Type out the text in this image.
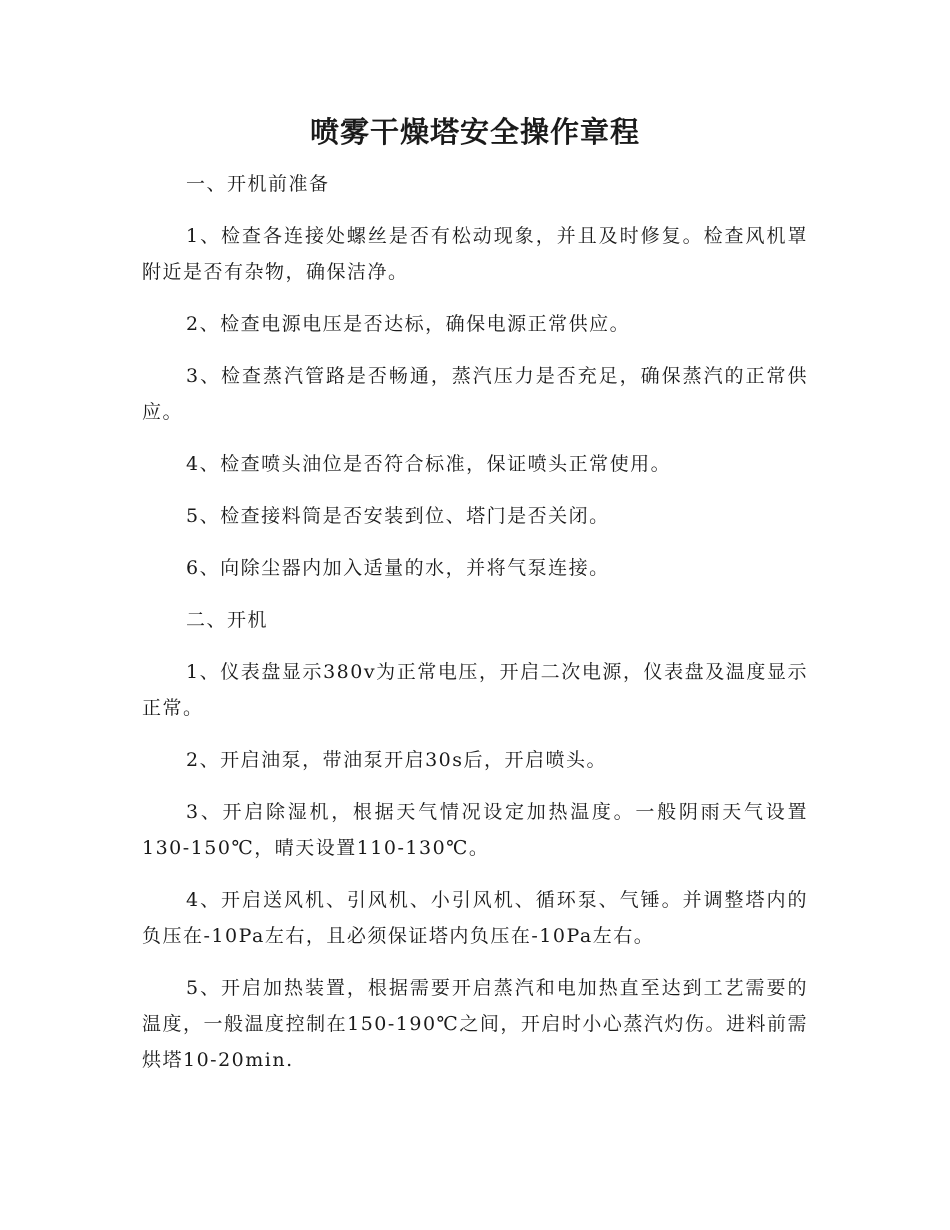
喷雾干燥塔安全操作章程

一、开机前准备

1、检查各连接处螺丝是否有松动现象，并且及时修复。检查风机罩附近是否有杂物，确保洁净。

2、检查电源电压是否达标，确保电源正常供应。

3、检查蒸汽管路是否畅通，蒸汽压力是否充足，确保蒸汽的正常供应。

4、检查喷头油位是否符合标准，保证喷头正常使用。

5、检查接料筒是否安装到位、塔门是否关闭。

6、向除尘器内加入适量的水，并将气泵连接。

二、开机

1、仪表盘显示380v为正常电压，开启二次电源，仪表盘及温度显示正常。

2、开启油泵，带油泵开启30s后，开启喷头。

3、开启除湿机，根据天气情况设定加热温度。一般阴雨天气设置130-150℃，晴天设置110-130℃。

4、开启送风机、引风机、小引风机、循环泵、气锤。并调整塔内的负压在-10Pa左右，且必须保证塔内负压在-10Pa左右。

5、开启加热装置，根据需要开启蒸汽和电加热直至达到工艺需要的温度，一般温度控制在150-190℃之间，开启时小心蒸汽灼伤。进料前需烘塔10-20min.
